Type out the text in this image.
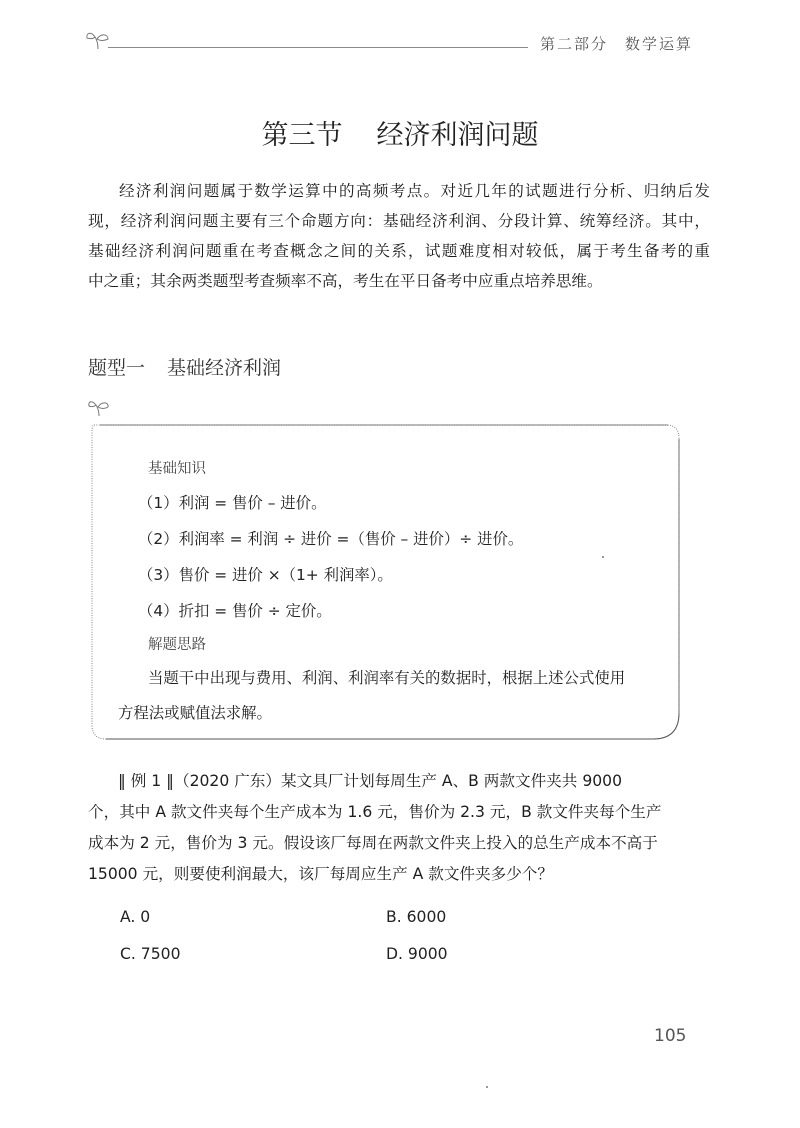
第二部分　数学运算
第三节 经济利润问题
经济利润问题属于数学运算中的高频考点。对近几年的试题进行分析、归纳后发
现，经济利润问题主要有三个命题方向：基础经济利润、分段计算、统筹经济。其中，
基础经济利润问题重在考查概念之间的关系，试题难度相对较低，属于考生备考的重
中之重；其余两类题型考查频率不高，考生在平日备考中应重点培养思维。
题型一 基础经济利润
基础知识
（1）利润 = 售价 – 进价。
（2）利润率 = 利润 ÷ 进价 =（售价 – 进价）÷ 进价。
（3）售价 = 进价 ×（1+ 利润率）。
（4）折扣 = 售价 ÷ 定价。
解题思路
当题干中出现与费用、利润、利润率有关的数据时，根据上述公式使用
方程法或赋值法求解。
‖ 例 1 ‖（2020 广东）某文具厂计划每周生产 A、B 两款文件夹共 9000
个，其中 A 款文件夹每个生产成本为 1.6 元，售价为 2.3 元，B 款文件夹每个生产
成本为 2 元，售价为 3 元。假设该厂每周在两款文件夹上投入的总生产成本不高于
15000 元，则要使利润最大，该厂每周应生产 A 款文件夹多少个？
A. 0	B. 6000
C. 7500	D. 9000
105
